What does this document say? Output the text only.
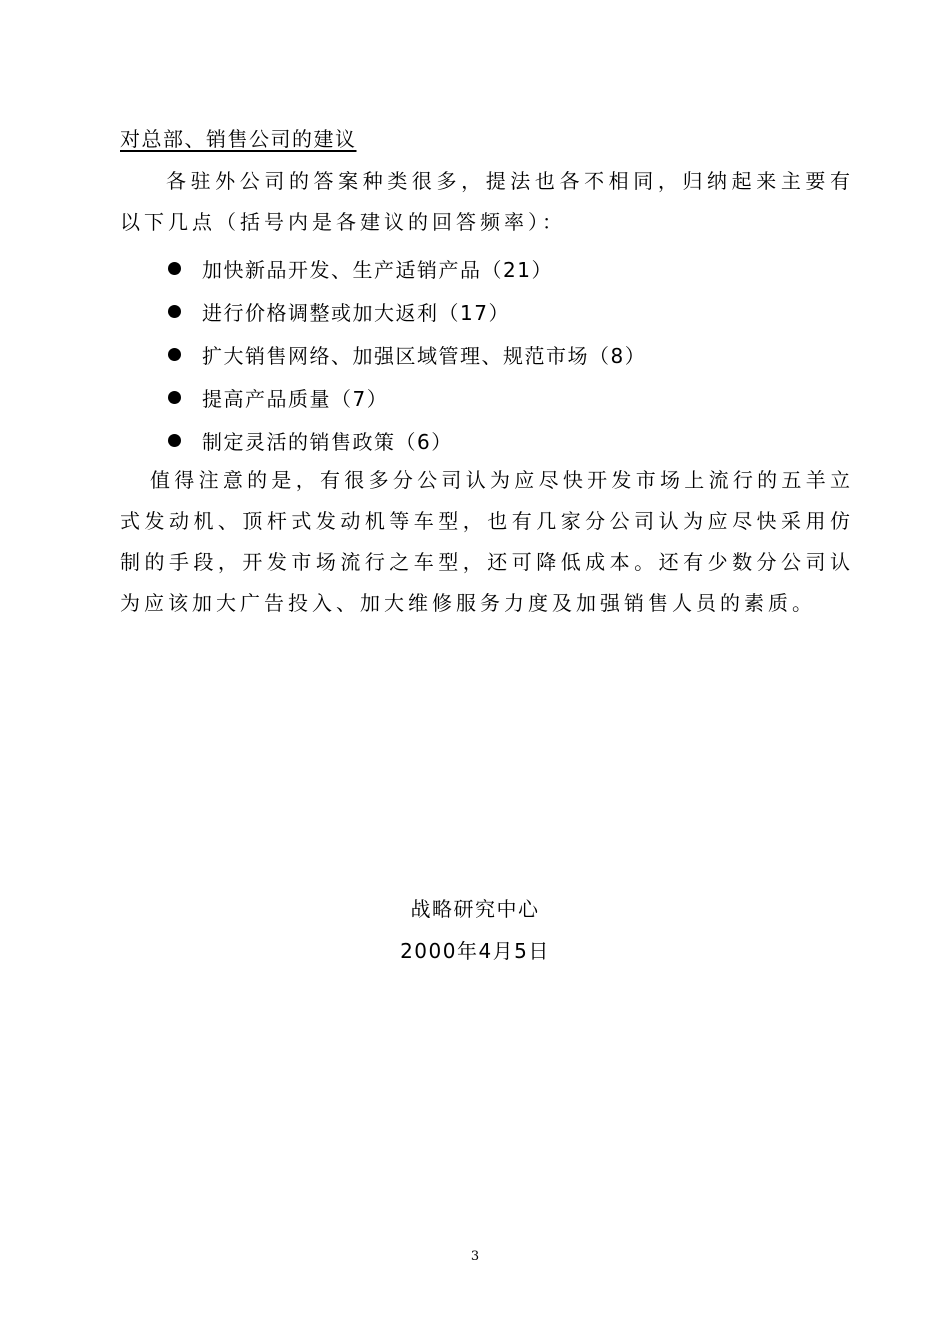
对总部、销售公司的建议

各驻外公司的答案种类很多，提法也各不相同，归纳起来主要有以下几点（括号内是各建议的回答频率）：

加快新品开发、生产适销产品（21）
进行价格调整或加大返利（17）
扩大销售网络、加强区域管理、规范市场（8）
提高产品质量（7）
制定灵活的销售政策（6）

值得注意的是，有很多分公司认为应尽快开发市场上流行的五羊立式发动机、顶杆式发动机等车型，也有几家分公司认为应尽快采用仿制的手段，开发市场流行之车型，还可降低成本。还有少数分公司认为应该加大广告投入、加大维修服务力度及加强销售人员的素质。

战略研究中心
2000年4月5日
3
